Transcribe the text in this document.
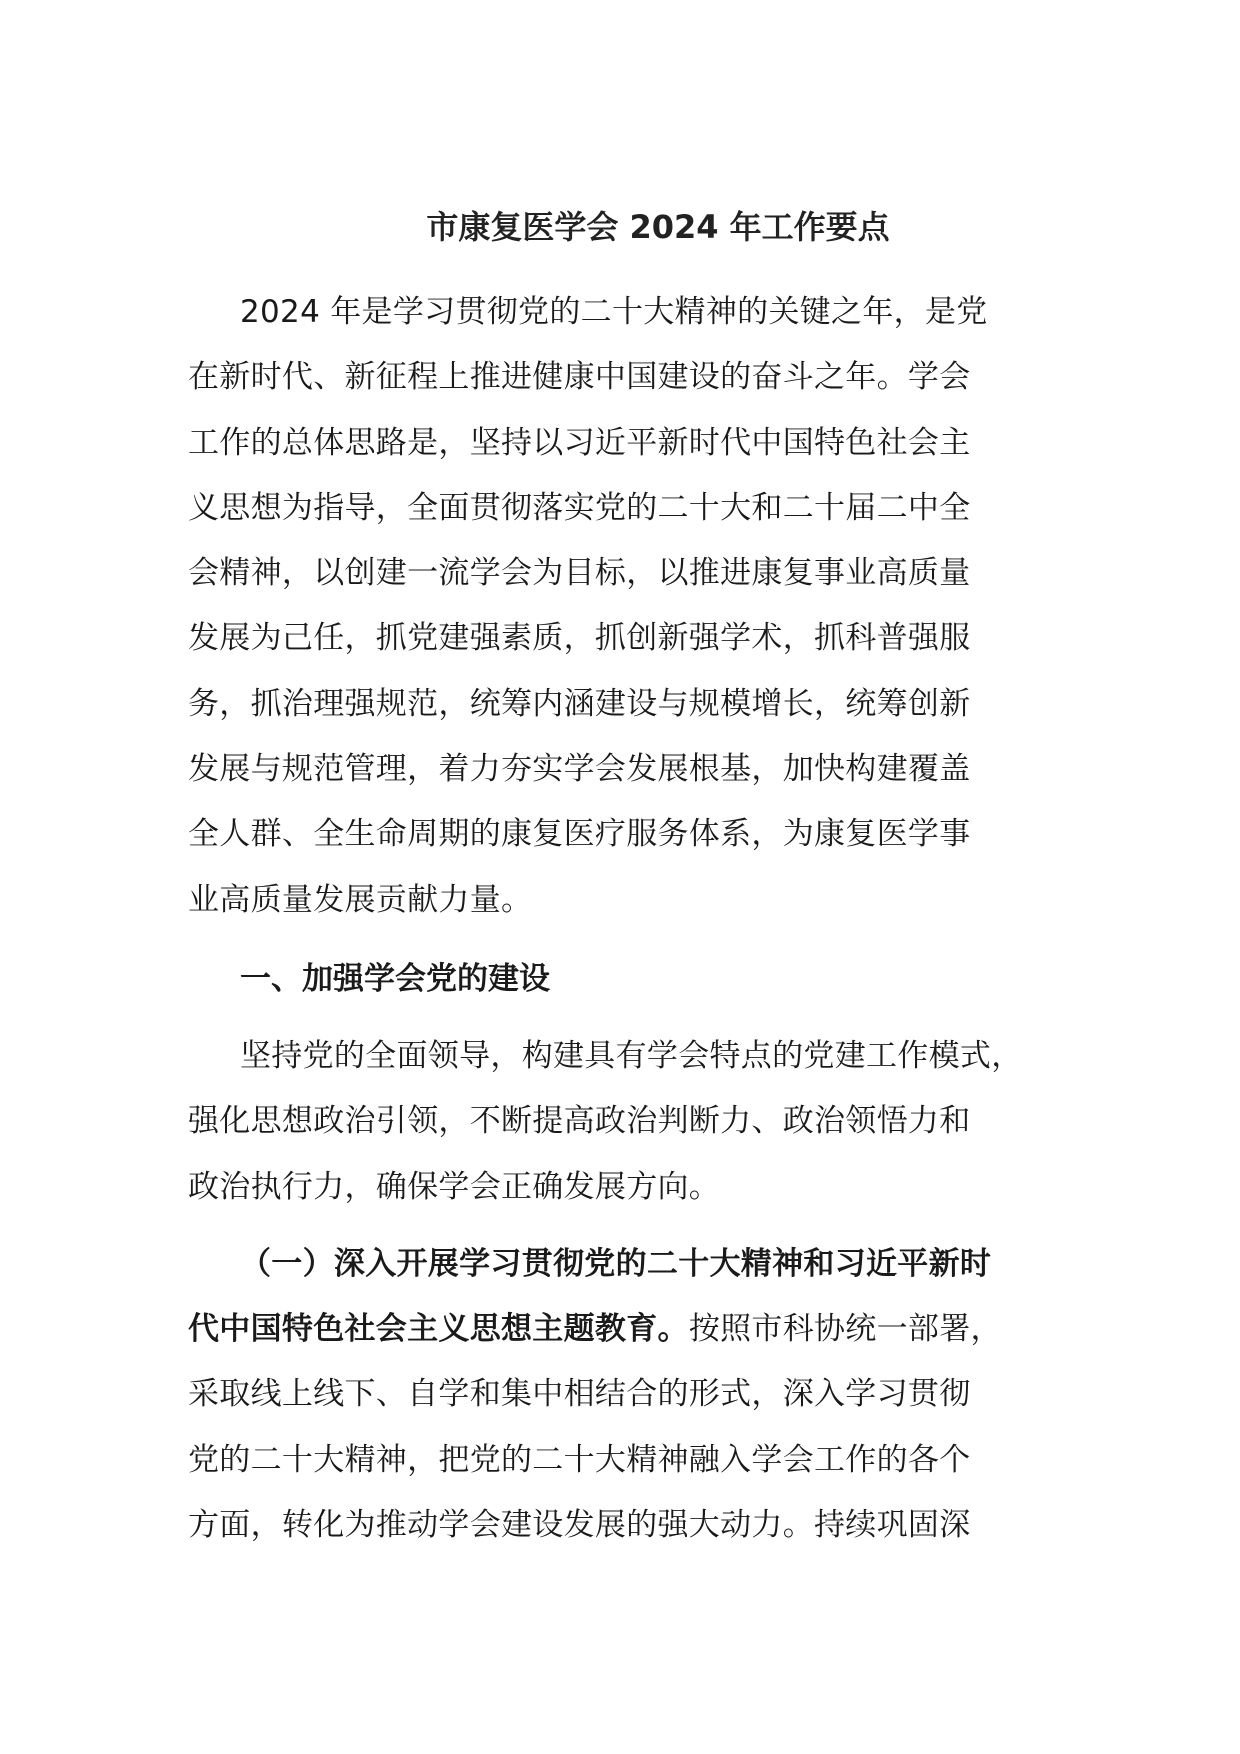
市康复医学会 2024 年工作要点
2024 年是学习贯彻党的二十大精神的关键之年，是党
在新时代、新征程上推进健康中国建设的奋斗之年。学会
工作的总体思路是，坚持以习近平新时代中国特色社会主
义思想为指导，全面贯彻落实党的二十大和二十届二中全
会精神，以创建一流学会为目标，以推进康复事业高质量
发展为己任，抓党建强素质，抓创新强学术，抓科普强服
务，抓治理强规范，统筹内涵建设与规模增长，统筹创新
发展与规范管理，着力夯实学会发展根基，加快构建覆盖
全人群、全生命周期的康复医疗服务体系，为康复医学事
业高质量发展贡献力量。
一、加强学会党的建设
坚持党的全面领导，构建具有学会特点的党建工作模式，
强化思想政治引领，不断提高政治判断力、政治领悟力和
政治执行力，确保学会正确发展方向。
（一）深入开展学习贯彻党的二十大精神和习近平新时
代中国特色社会主义思想主题教育。按照市科协统一部署，
采取线上线下、自学和集中相结合的形式，深入学习贯彻
党的二十大精神，把党的二十大精神融入学会工作的各个
方面，转化为推动学会建设发展的强大动力。持续巩固深
